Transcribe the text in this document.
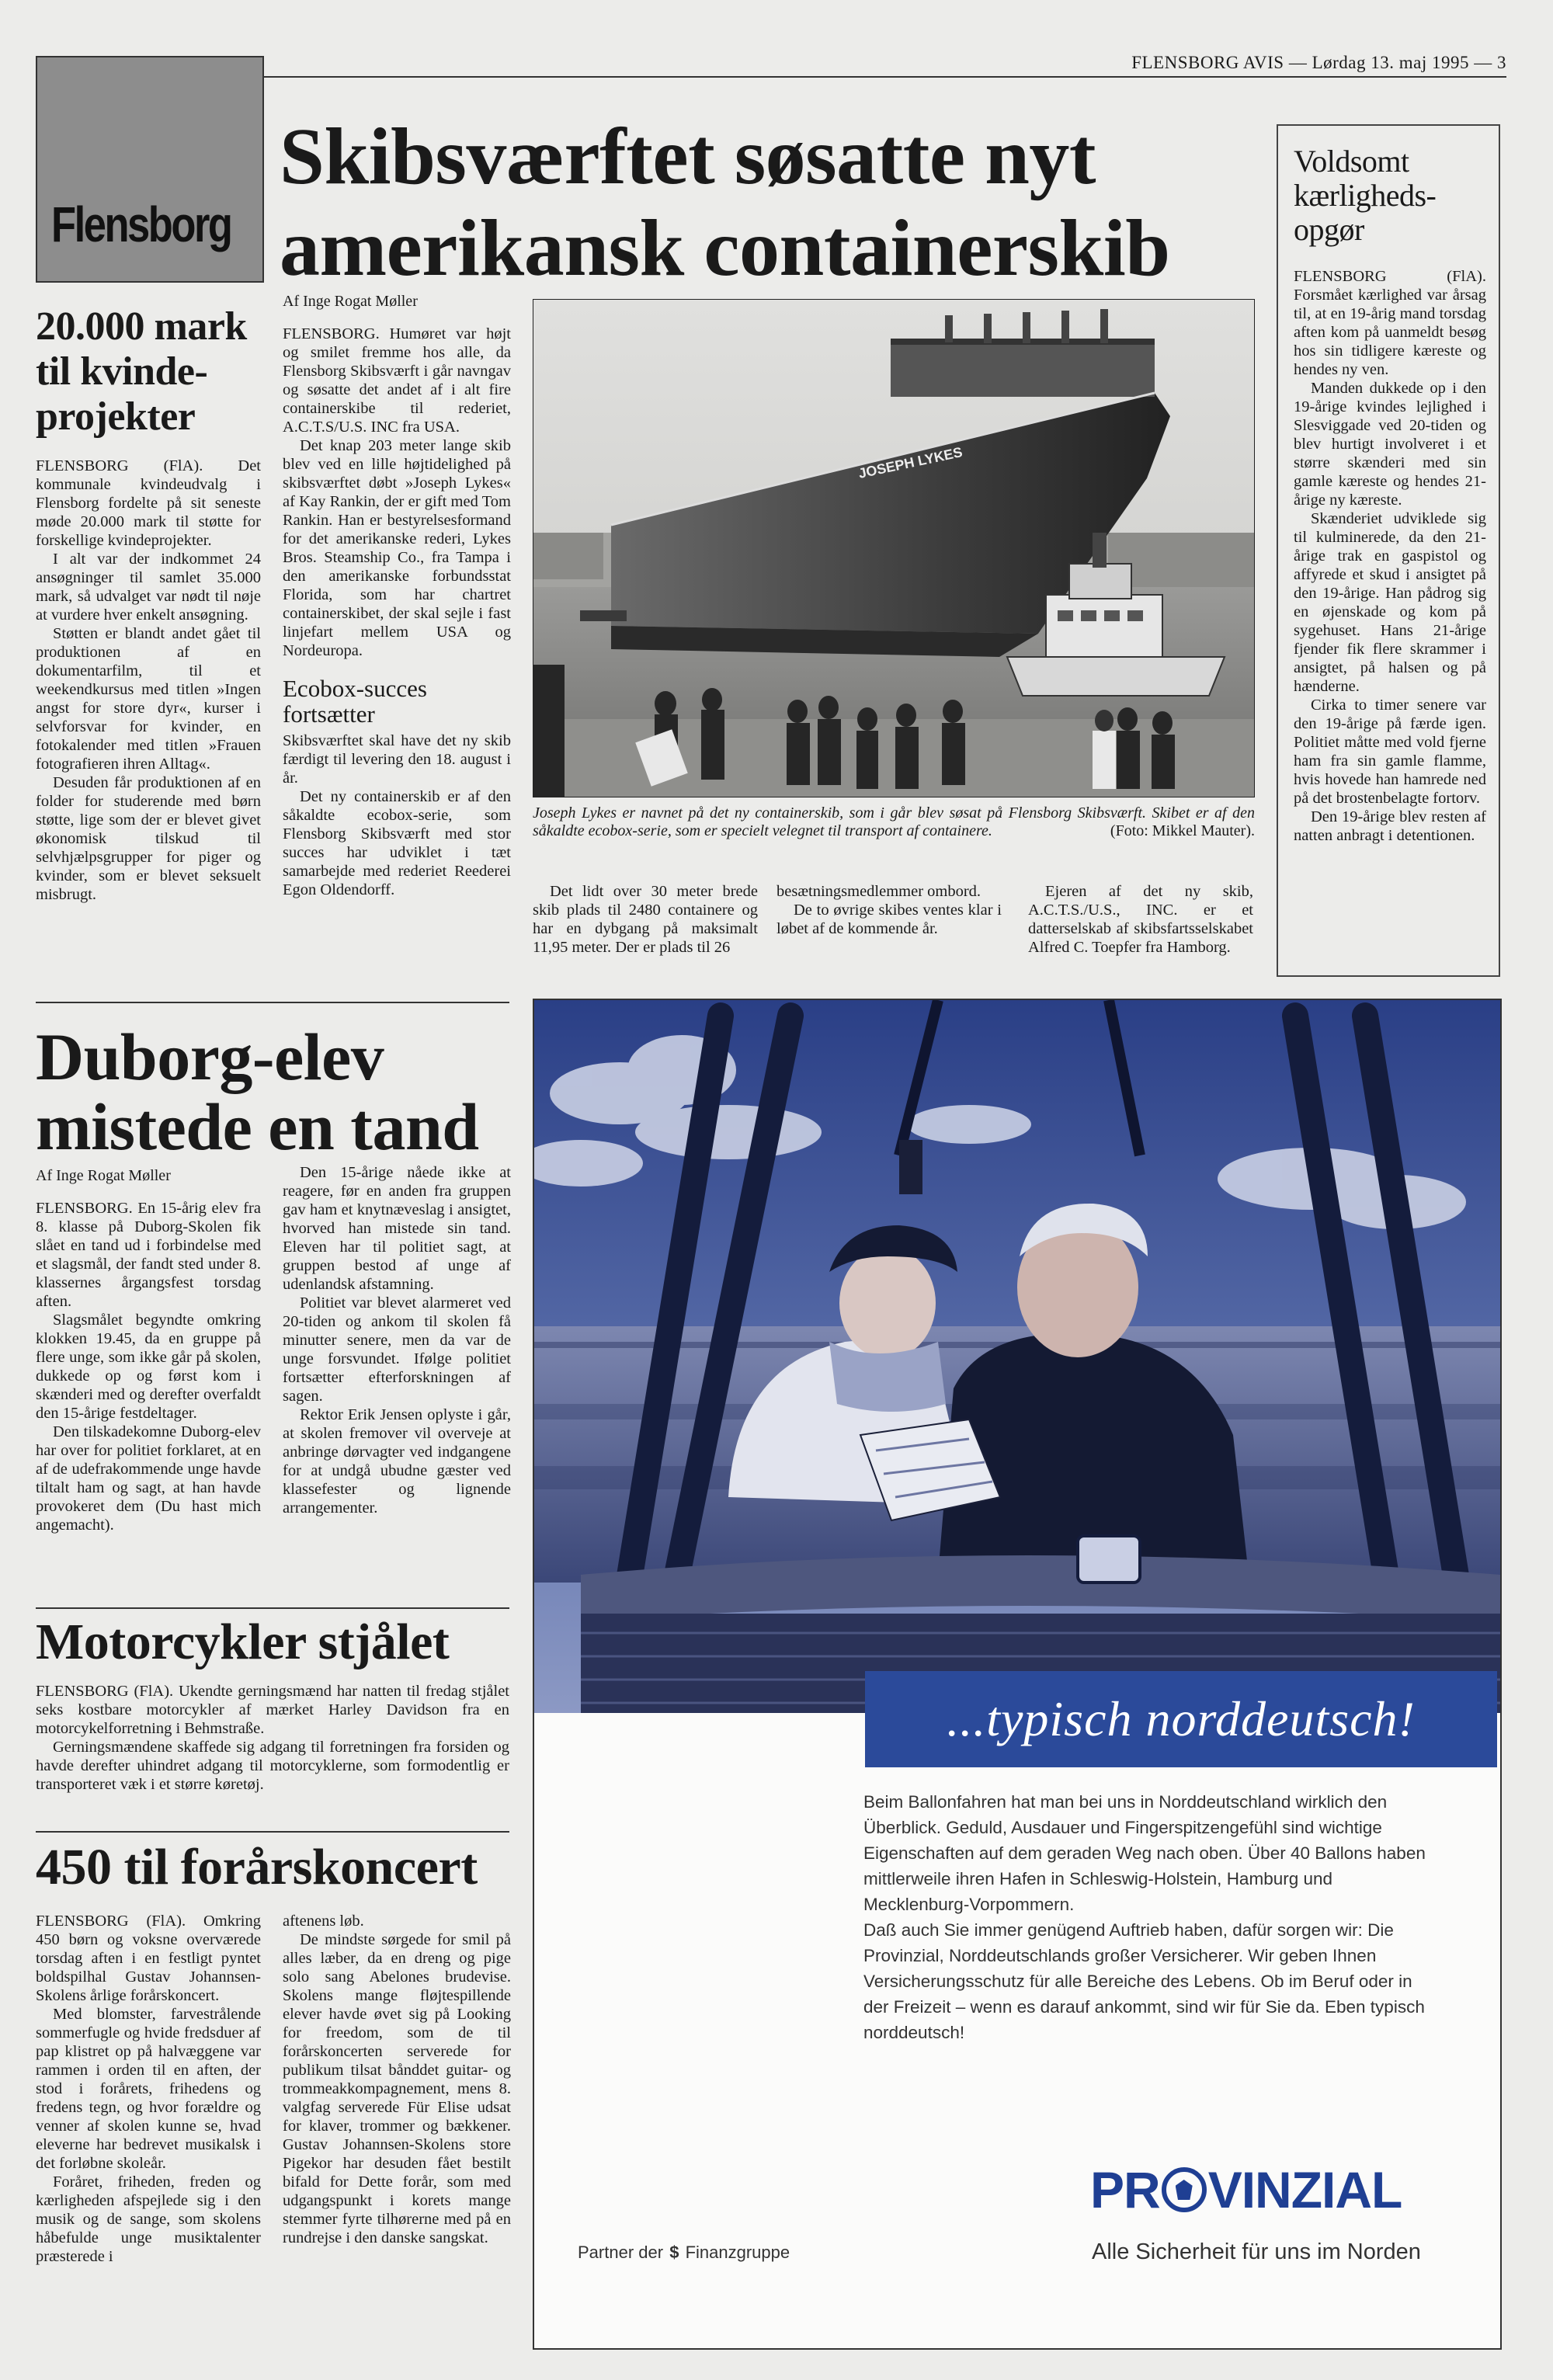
FLENSBORG AVIS — Lørdag 13. maj 1995 — 3
Flensborg
Skibsværftet søsatte nyt
amerikansk containerskib
Af Inge Rogat Møller

FLENSBORG. Humøret var højt og smilet fremme hos alle, da Flensborg Skibsværft i går navngav og søsatte det andet af i alt fire containerskibe til rederiet, A.C.T.S/U.S. INC fra USA.

Det knap 203 meter lange skib blev ved en lille højtidelighed på skibsværftet døbt »Joseph Lykes« af Kay Rankin, der er gift med Tom Rankin. Han er bestyrelsesformand for det amerikanske rederi, Lykes Bros. Steamship Co., fra Tampa i den amerikanske forbundsstat Florida, som har chartret containerskibet, der skal sejle i fast linjefart mellem USA og Nordeuropa.

Ecobox-succes fortsætter

Skibsværftet skal have det ny skib færdigt til levering den 18. august i år.

Det ny containerskib er af den såkaldte ecobox-serie, som Flensborg Skibsværft med stor succes har udviklet i tæt samarbejde med rederiet Reederei Egon Oldendorff.

JOSEPH LYKES
Joseph Lykes er navnet på det ny containerskib, som i går blev søsat på Flensborg Skibsværft. Skibet er af den såkaldte ecobox-serie, som er specielt velegnet til transport af containere.	(Foto: Mikkel Mauter).

Det lidt over 30 meter brede skib plads til 2480 containere og har en dybgang på maksimalt 11,95 meter. Der er plads til 26

besætningsmedlemmer ombord.

De to øvrige skibes ventes klar i løbet af de kommende år.

Ejeren af det ny skib, A.C.T.S./U.S., INC. er et datterselskab af skibsfartsselskabet Alfred C. Toepfer fra Hamborg.

20.000 mark til kvinde-projekter

FLENSBORG (FlA). Det kommunale kvindeudvalg i Flensborg fordelte på sit seneste møde 20.000 mark til støtte for forskellige kvindeprojekter.

I alt var der indkommet 24 ansøgninger til samlet 35.000 mark, så udvalget var nødt til nøje at vurdere hver enkelt ansøgning.

Støtten er blandt andet gået til produktionen af en dokumentarfilm, til et weekendkursus med titlen »Ingen angst for store dyr«, kurser i selvforsvar for kvinder, en fotokalender med titlen »Frauen fotografieren ihren Alltag«.

Desuden får produktionen af en folder for studerende med børn støtte, lige som der er blevet givet økonomisk tilskud til selvhjælpsgrupper for piger og kvinder, som er blevet seksuelt misbrugt.

Voldsomt kærligheds-opgør

FLENSBORG (FlA). Forsmået kærlighed var årsag til, at en 19-årig mand torsdag aften kom på uanmeldt besøg hos sin tidligere kæreste og hendes ny ven.

Manden dukkede op i den 19-årige kvindes lejlighed i Slesviggade ved 20-tiden og blev hurtigt involveret i et større skænderi med sin gamle kæreste og hendes 21-årige ny kæreste.

Skænderiet udviklede sig til kulminerede, da den 21-årige trak en gaspistol og affyrede et skud i ansigtet på den 19-årige. Han pådrog sig en øjenskade og kom på sygehuset. Hans 21-årige fjender fik flere skrammer i ansigtet, på halsen og på hænderne.

Cirka to timer senere var den 19-årige på færde igen. Politiet måtte med vold fjerne ham fra sin gamle flamme, hvis hovede han hamrede ned på det brostenbelagte fortorv.

Den 19-årige blev resten af natten anbragt i detentionen.

Duborg-elev
mistede en tand
Af Inge Rogat Møller

FLENSBORG. En 15-årig elev fra 8. klasse på Duborg-Skolen fik slået en tand ud i forbindelse med et slagsmål, der fandt sted under 8. klassernes årgangsfest torsdag aften.

Slagsmålet begyndte omkring klokken 19.45, da en gruppe på flere unge, som ikke går på skolen, dukkede op og først kom i skænderi med og derefter overfaldt den 15-årige festdeltager.

Den tilskadekomne Duborg-elev har over for politiet forklaret, at en af de udefrakommende unge havde tiltalt ham og sagt, at han havde provokeret dem (Du hast mich angemacht).

Den 15-årige nåede ikke at reagere, før en anden fra gruppen gav ham et knytnæveslag i ansigtet, hvorved han mistede sin tand. Eleven har til politiet sagt, at gruppen bestod af unge af udenlandsk afstamning.

Politiet var blevet alarmeret ved 20-tiden og ankom til skolen få minutter senere, men da var de unge forsvundet. Ifølge politiet fortsætter efterforskningen af sagen.

Rektor Erik Jensen oplyste i går, at skolen fremover vil overveje at anbringe dørvagter ved indgangene for at undgå ubudne gæster ved klassefester og lignende arrangementer.

Motorcykler stjålet

FLENSBORG (FlA). Ukendte gerningsmænd har natten til fredag stjålet seks kostbare motorcykler af mærket Harley Davidson fra en motorcykelforretning i Behmstraße.

Gerningsmændene skaffede sig adgang til forretningen fra forsiden og havde derefter uhindret adgang til motorcyklerne, som formodentlig er transporteret væk i et større køretøj.

450 til forårskoncert

FLENSBORG (FlA). Omkring 450 børn og voksne overværede torsdag aften i en festligt pyntet boldspilhal Gustav Johannsen-Skolens årlige forårskoncert.

Med blomster, farvestrålende sommerfugle og hvide fredsduer af pap klistret op på halvæggene var rammen i orden til en aften, der stod i forårets, frihedens og fredens tegn, og hvor forældre og venner af skolen kunne se, hvad eleverne har bedrevet musikalsk i det forløbne skoleår.

Foråret, friheden, freden og kærligheden afspejlede sig i den musik og de sange, som skolens håbefulde unge musiktalenter præsterede i

aftenens løb.

De mindste sørgede for smil på alles læber, da en dreng og pige solo sang Abelones brudevise. Skolens mange fløjtespillende elever havde øvet sig på Looking for freedom, som de til forårskoncerten serverede for publikum tilsat bånddet guitar- og trommeakkompagnement, mens 8. valgfag serverede Für Elise udsat for klaver, trommer og bækkener. Gustav Johannsen-Skolens store Pigekor har desuden fået bestilt bifald for Dette forår, som med udgangspunkt i korets mange stemmer fyrte tilhørerne med på en rundrejse i den danske sangskat.

...typisch norddeutsch!
Beim Ballonfahren hat man bei uns in Norddeutschland wirklich den Überblick. Geduld, Ausdauer und Fingerspitzengefühl sind wichtige Eigenschaften auf dem geraden Weg nach oben. Über 40 Ballons haben mittlerweile ihren Hafen in Schleswig-Holstein, Hamburg und Mecklenburg-Vorpommern.
Daß auch Sie immer genügend Auftrieb haben, dafür sorgen wir: Die Provinzial, Norddeutschlands großer Versicherer. Wir geben Ihnen Versicherungsschutz für alle Bereiche des Lebens. Ob im Beruf oder in der Freizeit – wenn es darauf ankommt, sind wir für Sie da. Eben typisch norddeutsch!
Partner der $ Finanzgruppe
PR VINZIAL
Alle Sicherheit für uns im Norden
